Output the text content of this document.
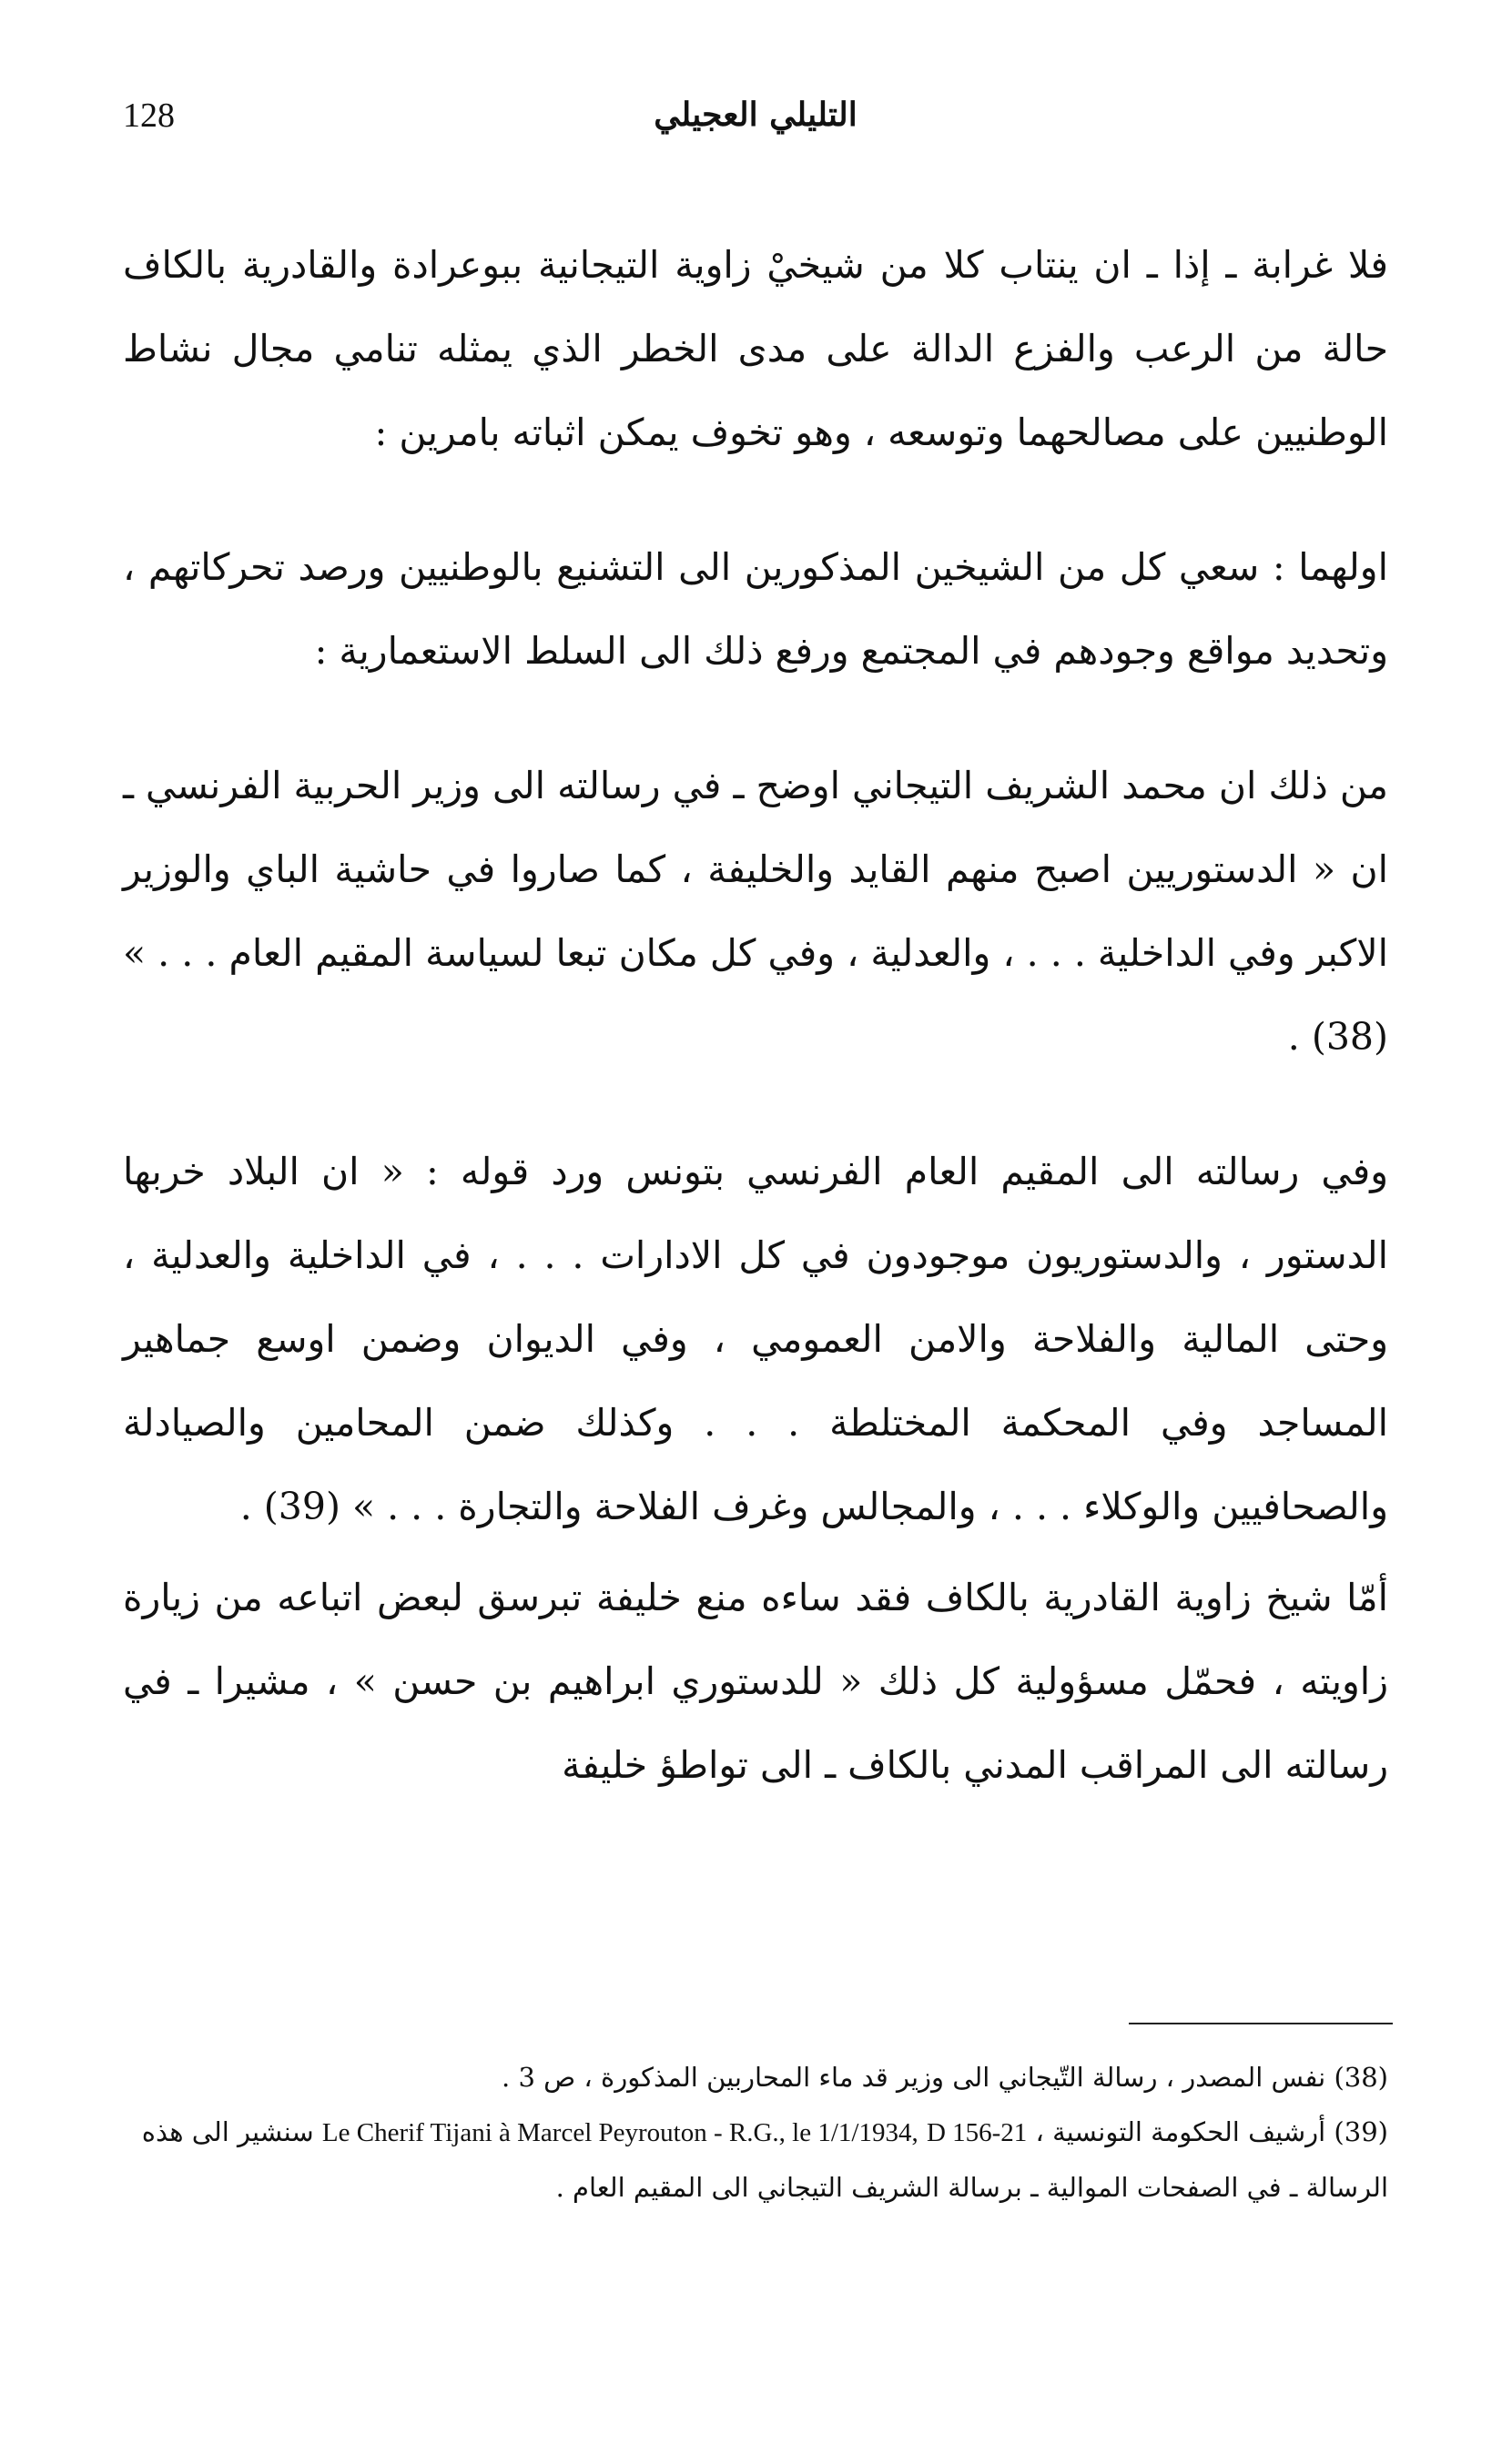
128	التليلي العجيلي

فلا غرابة ـ إذا ـ ان ينتاب كلا من شيخيْ زاوية التيجانية ببوعرادة والقادرية بالكاف حالة من الرعب والفزع الدالة على مدى الخطر الذي يمثله تنامي مجال نشاط الوطنيين على مصالحهما وتوسعه ، وهو تخوف يمكن اثباته بامرين :

اولهما : سعي كل من الشيخين المذكورين الى التشنيع بالوطنيين ورصد تحركاتهم ، وتحديد مواقع وجودهم في المجتمع ورفع ذلك الى السلط الاستعمارية :

من ذلك ان محمد الشريف التيجاني اوضح ـ في رسالته الى وزير الحربية الفرنسي ـ ان « الدستوريين اصبح منهم القايد والخليفة ، كما صاروا في حاشية الباي والوزير الاكبر وفي الداخلية . . . ، والعدلية ، وفي كل مكان تبعا لسياسة المقيم العام . . . » (38) .

وفي رسالته الى المقيم العام الفرنسي بتونس ورد قوله : « ان البلاد خربها الدستور ، والدستوريون موجودون في كل الادارات . . . ، في الداخلية والعدلية ، وحتى المالية والفلاحة والامن العمومي ، وفي الديوان وضمن اوسع جماهير المساجد وفي المحكمة المختلطة . . . وكذلك ضمن المحامين والصيادلة والصحافيين والوكلاء . . . ، والمجالس وغرف الفلاحة والتجارة . . . » (39) .

أمّا شيخ زاوية القادرية بالكاف فقد ساءه منع خليفة تبرسق لبعض اتباعه من زيارة زاويته ، فحمّل مسؤولية كل ذلك « للدستوري ابراهيم بن حسن » ، مشيرا ـ في رسالته الى المراقب المدني بالكاف ـ الى تواطؤ خليفة

(38) نفس المصدر ، رسالة التّيجاني الى وزير قد ماء المحاربين المذكورة ، ص 3 .

(39) أرشيف الحكومة التونسية ، Le Cherif Tijani à Marcel Peyrouton - R.G., le 1/1/1934, D 156-21 سنشير الى هذه الرسالة ـ في الصفحات الموالية ـ برسالة الشريف التيجاني الى المقيم العام .
